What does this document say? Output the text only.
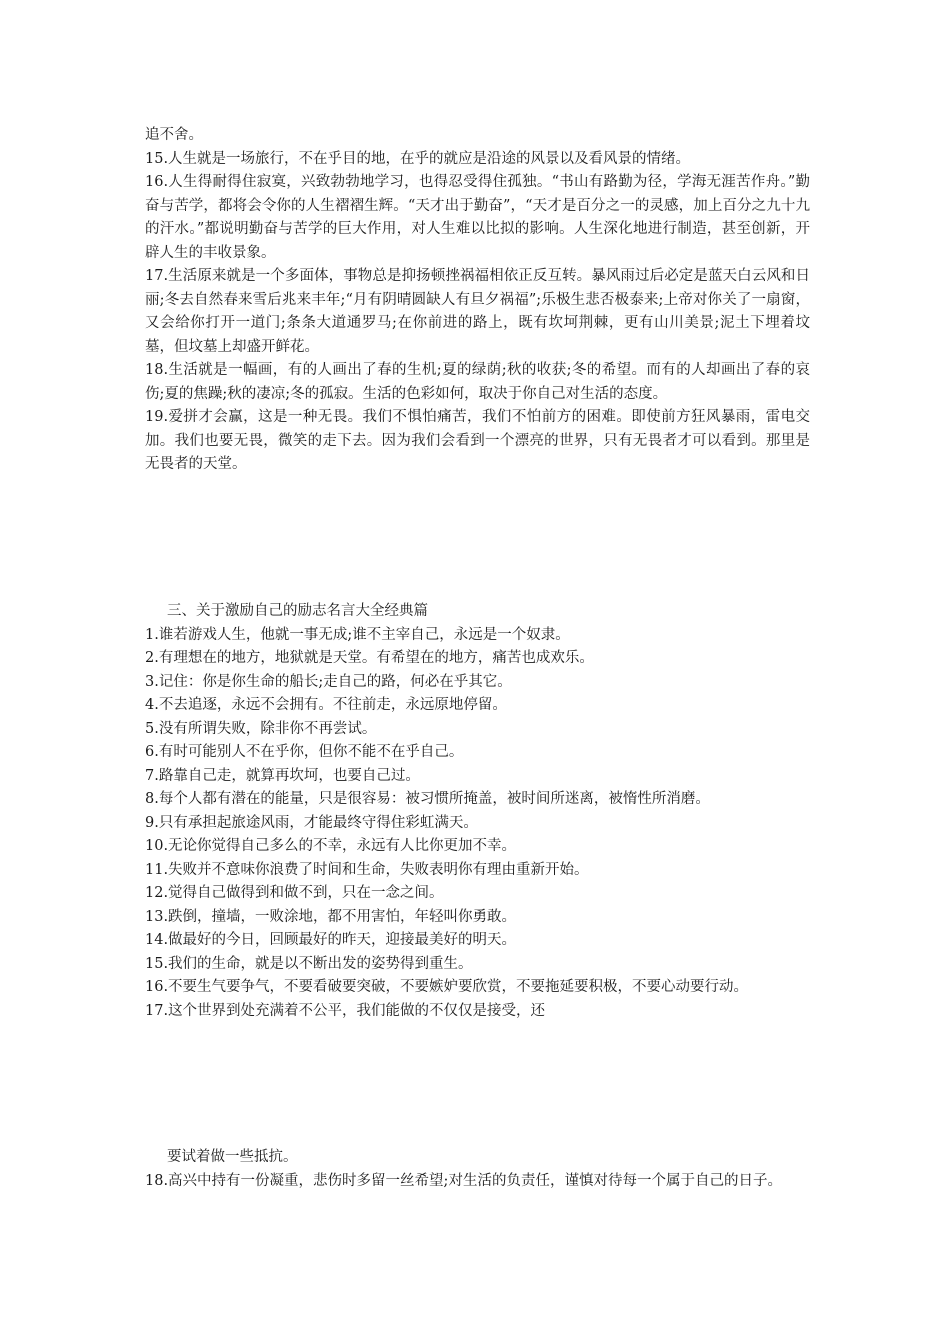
追不舍。

15.人生就是一场旅行，不在乎目的地，在乎的就应是沿途的风景以及看风景的情绪。

16.人生得耐得住寂寞，兴致勃勃地学习，也得忍受得住孤独。“书山有路勤为径，学海无涯苦作舟。”勤奋与苦学，都将会令你的人生褶褶生辉。“天才出于勤奋”，“天才是百分之一的灵感，加上百分之九十九的汗水。”都说明勤奋与苦学的巨大作用，对人生难以比拟的影响。人生深化地进行制造，甚至创新，开辟人生的丰收景象。

17.生活原来就是一个多面体，事物总是抑扬顿挫祸福相依正反互转。暴风雨过后必定是蓝天白云风和日丽;冬去自然春来雪后兆来丰年;“月有阴晴圆缺人有旦夕祸福”;乐极生悲否极泰来;上帝对你关了一扇窗，又会给你打开一道门;条条大道通罗马;在你前进的路上，既有坎坷荆棘，更有山川美景;泥土下埋着坟墓，但坟墓上却盛开鲜花。

18.生活就是一幅画，有的人画出了春的生机;夏的绿荫;秋的收获;冬的希望。而有的人却画出了春的哀伤;夏的焦躁;秋的凄凉;冬的孤寂。生活的色彩如何，取决于你自己对生活的态度。

19.爱拼才会赢，这是一种无畏。我们不惧怕痛苦，我们不怕前方的困难。即使前方狂风暴雨，雷电交加。我们也要无畏，微笑的走下去。因为我们会看到一个漂亮的世界，只有无畏者才可以看到。那里是无畏者的天堂。

三、关于激励自己的励志名言大全经典篇

1.谁若游戏人生，他就一事无成;谁不主宰自己，永远是一个奴隶。

2.有理想在的地方，地狱就是天堂。有希望在的地方，痛苦也成欢乐。

3.记住：你是你生命的船长;走自己的路，何必在乎其它。

4.不去追逐，永远不会拥有。不往前走，永远原地停留。

5.没有所谓失败，除非你不再尝试。

6.有时可能别人不在乎你，但你不能不在乎自己。

7.路靠自己走，就算再坎坷，也要自己过。

8.每个人都有潜在的能量，只是很容易：被习惯所掩盖，被时间所迷离，被惰性所消磨。

9.只有承担起旅途风雨，才能最终守得住彩虹满天。

10.无论你觉得自己多么的不幸，永远有人比你更加不幸。

11.失败并不意味你浪费了时间和生命，失败表明你有理由重新开始。

12.觉得自己做得到和做不到，只在一念之间。

13.跌倒，撞墙，一败涂地，都不用害怕，年轻叫你勇敢。

14.做最好的今日，回顾最好的昨天，迎接最美好的明天。

15.我们的生命，就是以不断出发的姿势得到重生。

16.不要生气要争气，不要看破要突破，不要嫉妒要欣赏，不要拖延要积极，不要心动要行动。

17.这个世界到处充满着不公平，我们能做的不仅仅是接受，还

要试着做一些抵抗。

18.高兴中持有一份凝重，悲伤时多留一丝希望;对生活的负责任，谨慎对待每一个属于自己的日子。
